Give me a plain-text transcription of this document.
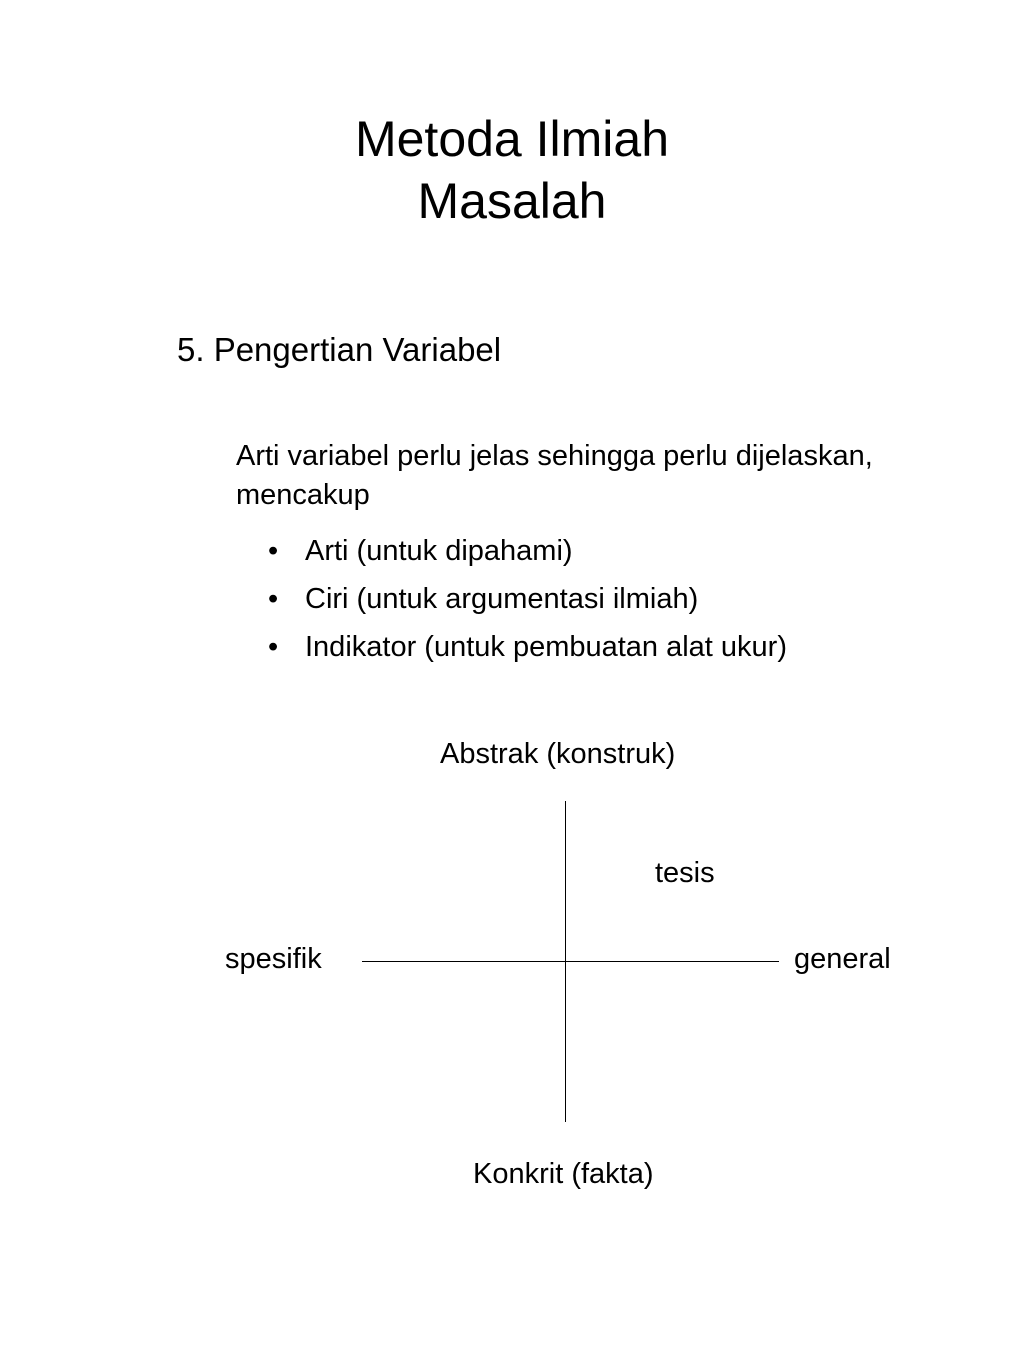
Metoda Ilmiah
Masalah
5. Pengertian Variabel
Arti variabel perlu jelas sehingga perlu dijelaskan, mencakup
• Arti (untuk dipahami)
• Ciri (untuk argumentasi ilmiah)
• Indikator (untuk pembuatan alat ukur)
Abstrak (konstruk)
tesis
spesifik	general
Konkrit (fakta)
